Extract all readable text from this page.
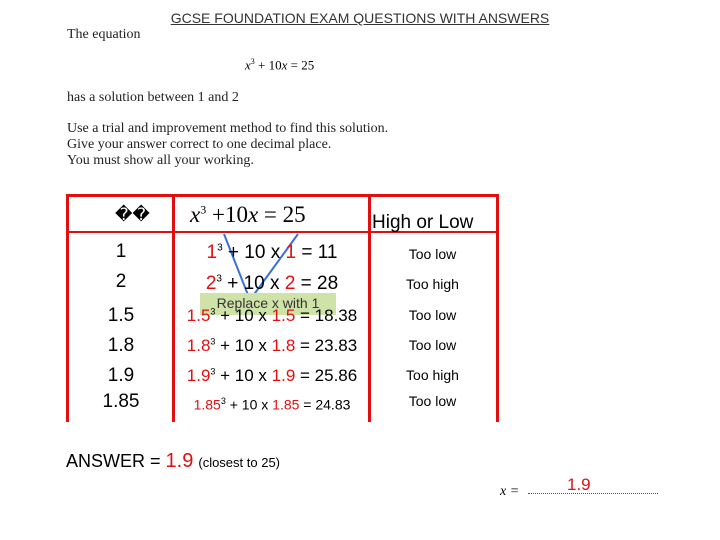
GCSE FOUNDATION EXAM QUESTIONS WITH ANSWERS
The equation
$x^3 + 10x = 25$
has a solution between 1 and 2
Use a trial and improvement method to find this solution.
Give your answer correct to one decimal place.
You must show all your working.
�� $x^3 +10x = 25$	High or Low
1
2
1.5
1.8
1.9
1.85
Replace x with 1
$1^3 + 10$ x 1 = 11
$2^3 + 10$ x 2 = 28
$1.5^3 + 10$ x 1.5 = 18.38
$1.8^3 + 10$ x 1.8 = 23.83
$1.9^3 + 10$ x 1.9 = 25.86
$1.85^3 + 10$ x 1.85 = 24.83
Too low
Too high
Too low
Too low
Too high
Too low
ANSWER = 1.9 (closest to 25)
x =	1.9
